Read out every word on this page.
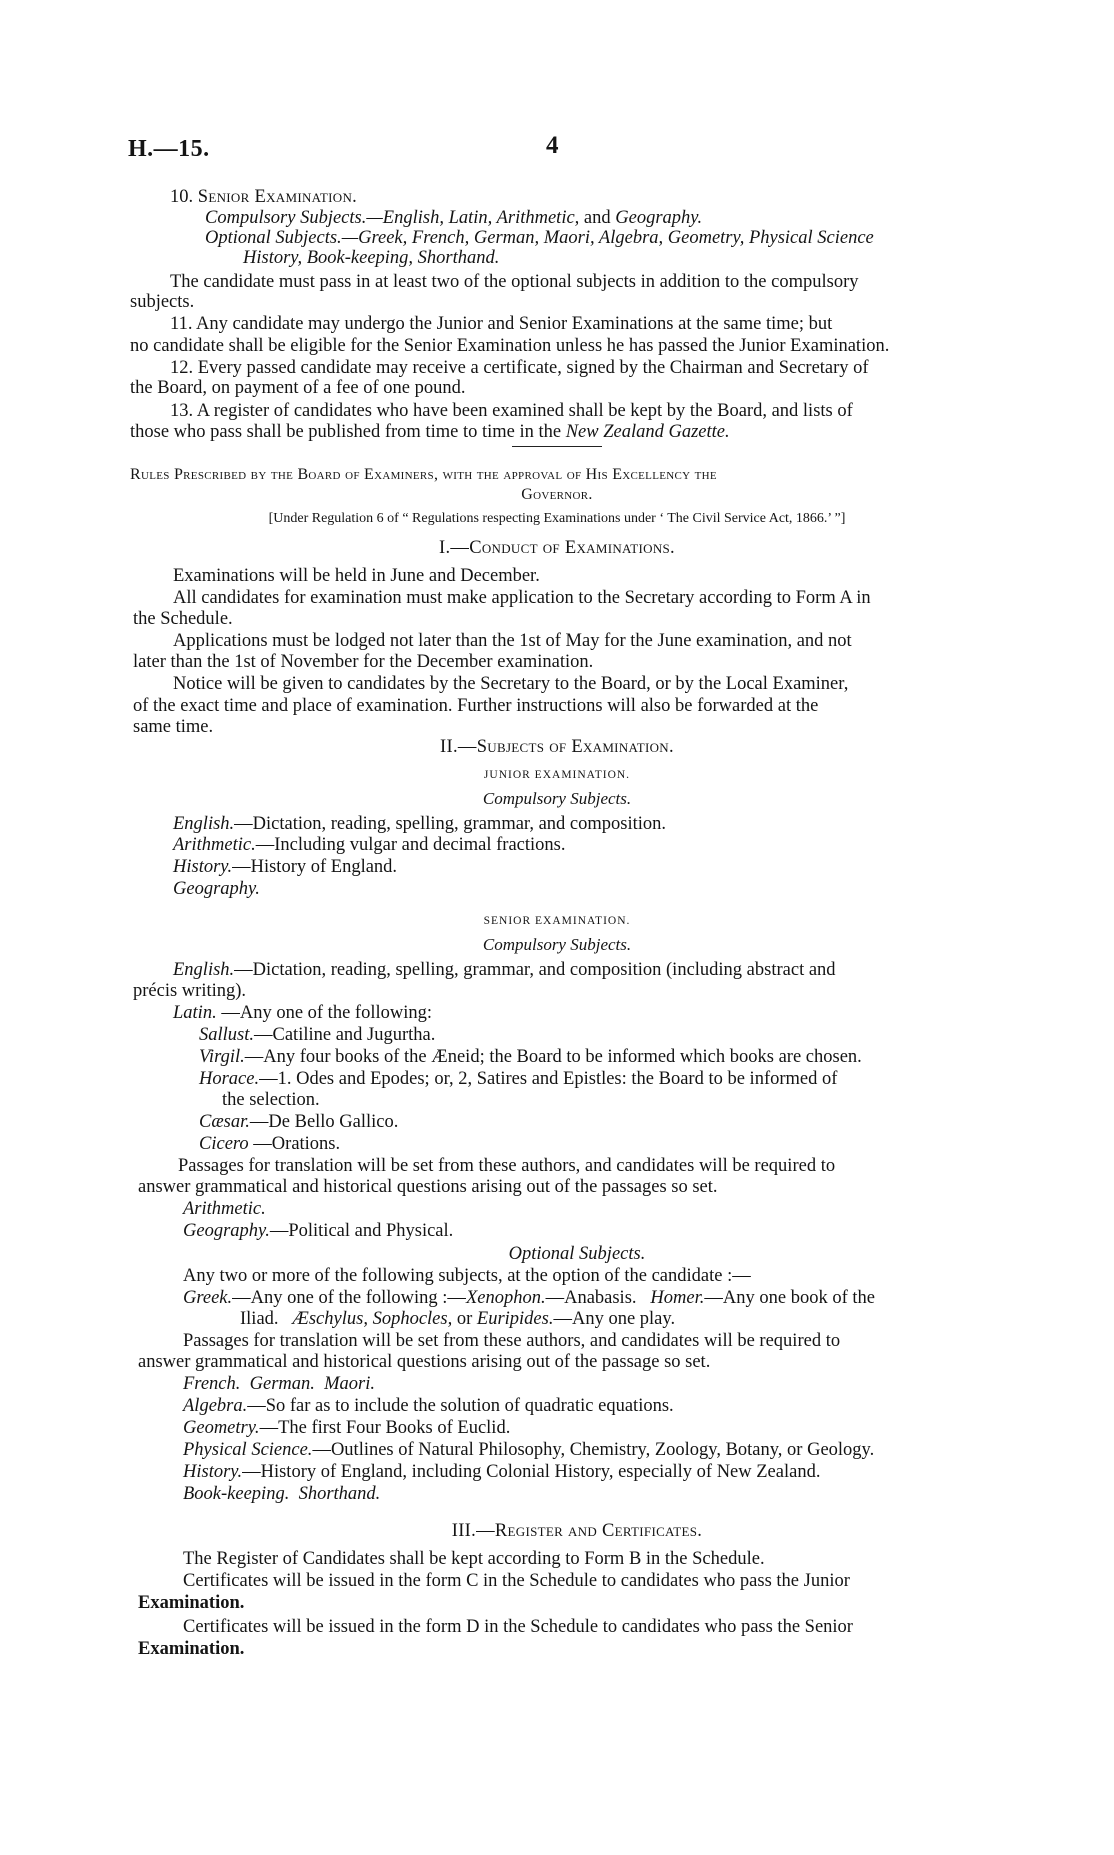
H.—15.	4
10. Senior Examination.
Compulsory Subjects.—English, Latin, Arithmetic, and Geography.
Optional Subjects.—Greek, French, German, Maori, Algebra, Geometry, Physical Science
History, Book-keeping, Shorthand.
The candidate must pass in at least two of the optional subjects in addition to the compulsory
subjects.
11. Any candidate may undergo the Junior and Senior Examinations at the same time; but
no candidate shall be eligible for the Senior Examination unless he has passed the Junior Examination.
12. Every passed candidate may receive a certificate, signed by the Chairman and Secretary of
the Board, on payment of a fee of one pound.
13. A register of candidates who have been examined shall be kept by the Board, and lists of
those who pass shall be published from time to time in the New Zealand Gazette.
Rules Prescribed by the Board of Examiners, with the approval of His Excellency the
Governor.
[Under Regulation 6 of “ Regulations respecting Examinations under ‘ The Civil Service Act, 1866.’ ”]
I.—Conduct of Examinations.
Examinations will be held in June and December.
All candidates for examination must make application to the Secretary according to Form A in
the Schedule.
Applications must be lodged not later than the 1st of May for the June examination, and not
later than the 1st of November for the December examination.
Notice will be given to candidates by the Secretary to the Board, or by the Local Examiner,
of the exact time and place of examination. Further instructions will also be forwarded at the
same time.
II.—Subjects of Examination.
JUNIOR EXAMINATION.
Compulsory Subjects.
English.—Dictation, reading, spelling, grammar, and composition.
Arithmetic.—Including vulgar and decimal fractions.
History.—History of England.
Geography.
SENIOR EXAMINATION.
Compulsory Subjects.
English.—Dictation, reading, spelling, grammar, and composition (including abstract and
précis writing).
Latin. —Any one of the following:
Sallust.—Catiline and Jugurtha.
Virgil.—Any four books of the Æneid; the Board to be informed which books are chosen.
Horace.—1. Odes and Epodes; or, 2, Satires and Epistles: the Board to be informed of
the selection.
Cæsar.—De Bello Gallico.
Cicero —Orations.
Passages for translation will be set from these authors, and candidates will be required to
answer grammatical and historical questions arising out of the passages so set.
Arithmetic.
Geography.—Political and Physical.
Optional Subjects.
Any two or more of the following subjects, at the option of the candidate :—
Greek.—Any one of the following :—Xenophon.—Anabasis. Homer.—Any one book of the
Iliad. Æschylus, Sophocles, or Euripides.—Any one play.
Passages for translation will be set from these authors, and candidates will be required to
answer grammatical and historical questions arising out of the passage so set.
French. German. Maori.
Algebra.—So far as to include the solution of quadratic equations.
Geometry.—The first Four Books of Euclid.
Physical Science.—Outlines of Natural Philosophy, Chemistry, Zoology, Botany, or Geology.
History.—History of England, including Colonial History, especially of New Zealand.
Book-keeping. Shorthand.
III.—Register and Certificates.
The Register of Candidates shall be kept according to Form B in the Schedule.
Certificates will be issued in the form C in the Schedule to candidates who pass the Junior
Examination.
Certificates will be issued in the form D in the Schedule to candidates who pass the Senior
Examination.
